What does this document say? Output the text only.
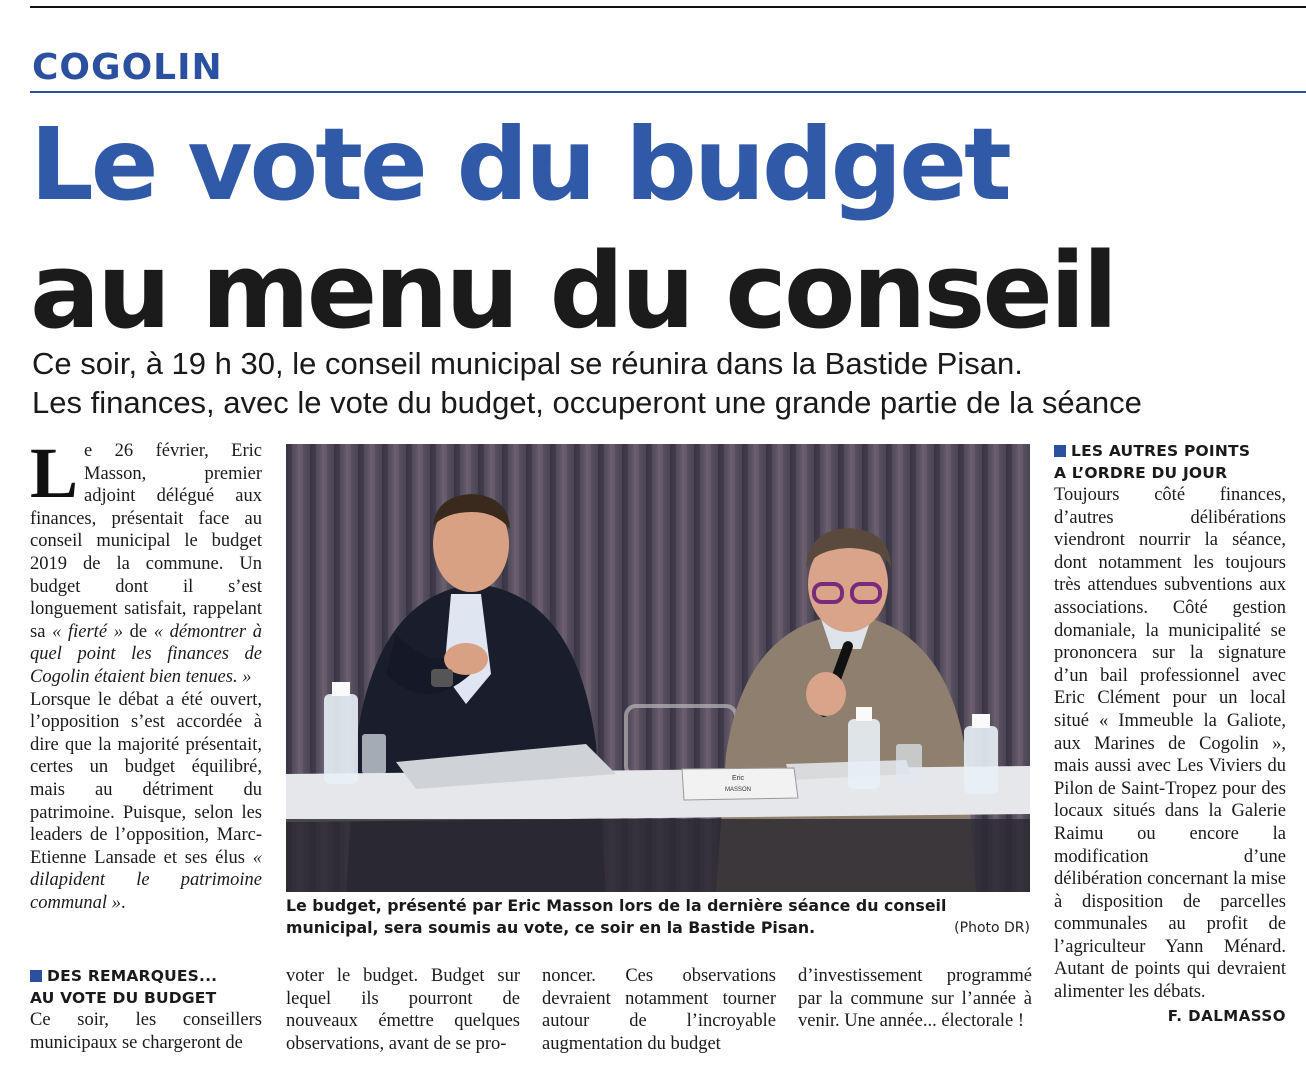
COGOLIN
Le vote du budget
au menu du conseil
Ce soir, à 19 h 30, le conseil municipal se réunira dans la Bastide Pisan.
Les finances, avec le vote du budget, occuperont une grande partie de la séance
L e 26 février, Eric Masson, premier adjoint délégué aux finances, présentait face au conseil municipal le budget 2019 de la commune. Un budget dont il s’est longuement satisfait, rappelant sa « fierté » de « démontrer à quel point les finances de Cogolin étaient bien tenues. »

Lorsque le débat a été ouvert, l’opposition s’est accordée à dire que la majorité présentait, certes un budget équilibré, mais au détriment du patrimoine. Puisque, selon les leaders de l’opposition, Marc-Etienne Lansade et ses élus « dilapident le patrimoine communal ».

Eric
MASSON
Le budget, présenté par Eric Masson lors de la dernière séance du conseil municipal, sera soumis au vote, ce soir en la Bastide Pisan.	(Photo DR)
LES AUTRES POINTS
A L’ORDRE DU JOUR

Toujours côté finances, d’autres délibérations viendront nourrir la séance, dont notamment les toujours très attendues subventions aux associations. Côté gestion domaniale, la municipalité se prononcera sur la signature d’un bail professionnel avec Eric Clément pour un local situé « Immeuble la Galiote, aux Marines de Cogolin », mais aussi avec Les Viviers du Pilon de Saint-Tropez pour des locaux situés dans la Galerie Raimu ou encore la modification d’une délibération concernant la mise à disposition de parcelles communales au profit de l’agriculteur Yann Ménard. Autant de points qui devraient alimenter les débats.

F. DALMASSO
DES REMARQUES...
AU VOTE DU BUDGET

Ce soir, les conseillers municipaux se chargeront de

voter le budget. Budget sur lequel ils pourront de nouveaux émettre quelques observations, avant de se pro-

noncer. Ces observations devraient notamment tourner autour de l’incroyable augmentation du budget

d’investissement programmé par la commune sur l’année à venir. Une année... électorale !
